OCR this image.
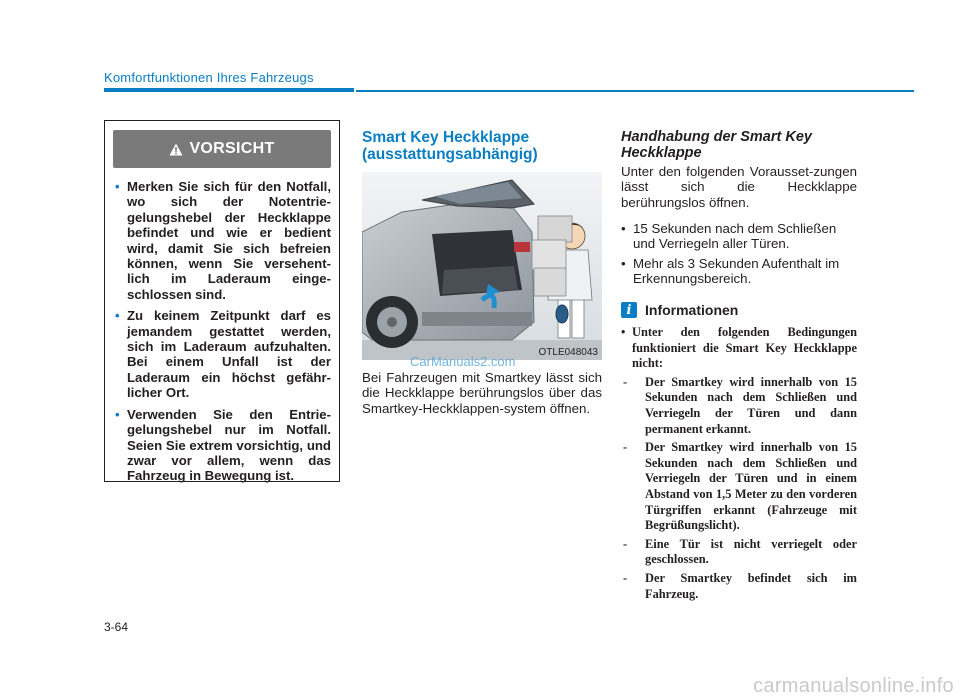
Komfortfunktionen Ihres Fahrzeugs
VORSICHT
• Merken Sie sich für den Notfall, wo sich der Notentrie-gelungshebel der Heckklappe befindet und wie er bedient wird, damit Sie sich befreien können, wenn Sie versehent-lich im Laderaum einge-schlossen sind.
• Zu keinem Zeitpunkt darf es jemandem gestattet werden, sich im Laderaum aufzuhalten. Bei einem Unfall ist der Laderaum ein höchst gefähr-licher Ort.
• Verwenden Sie den Entrie-gelungshebel nur im Notfall. Seien Sie extrem vorsichtig, und zwar vor allem, wenn das Fahrzeug in Bewegung ist.
Smart Key Heckklappe (ausstattungsabhängig)
OTLE048043
CarManuals2.com
Bei Fahrzeugen mit Smartkey lässt sich die Heckklappe berührungslos über das Smartkey-Heckklappen-system öffnen.
Handhabung der Smart Key Heckklappe
Unter den folgenden Vorausset-zungen lässt sich die Heckklappe berührungslos öffnen.
• 15 Sekunden nach dem Schließen und Verriegeln aller Türen.
• Mehr als 3 Sekunden Aufenthalt im Erkennungsbereich.
i Informationen
• Unter den folgenden Bedingungen funktioniert die Smart Key Heckklappe nicht:
- Der Smartkey wird innerhalb von 15 Sekunden nach dem Schließen und Verriegeln der Türen und dann permanent erkannt.
- Der Smartkey wird innerhalb von 15 Sekunden nach dem Schließen und Verriegeln der Türen und in einem Abstand von 1,5 Meter zu den vorderen Türgriffen erkannt (Fahrzeuge mit Begrüßungslicht).
- Eine Tür ist nicht verriegelt oder geschlossen.
- Der Smartkey befindet sich im Fahrzeug.
3-64
carmanualsonline.info
